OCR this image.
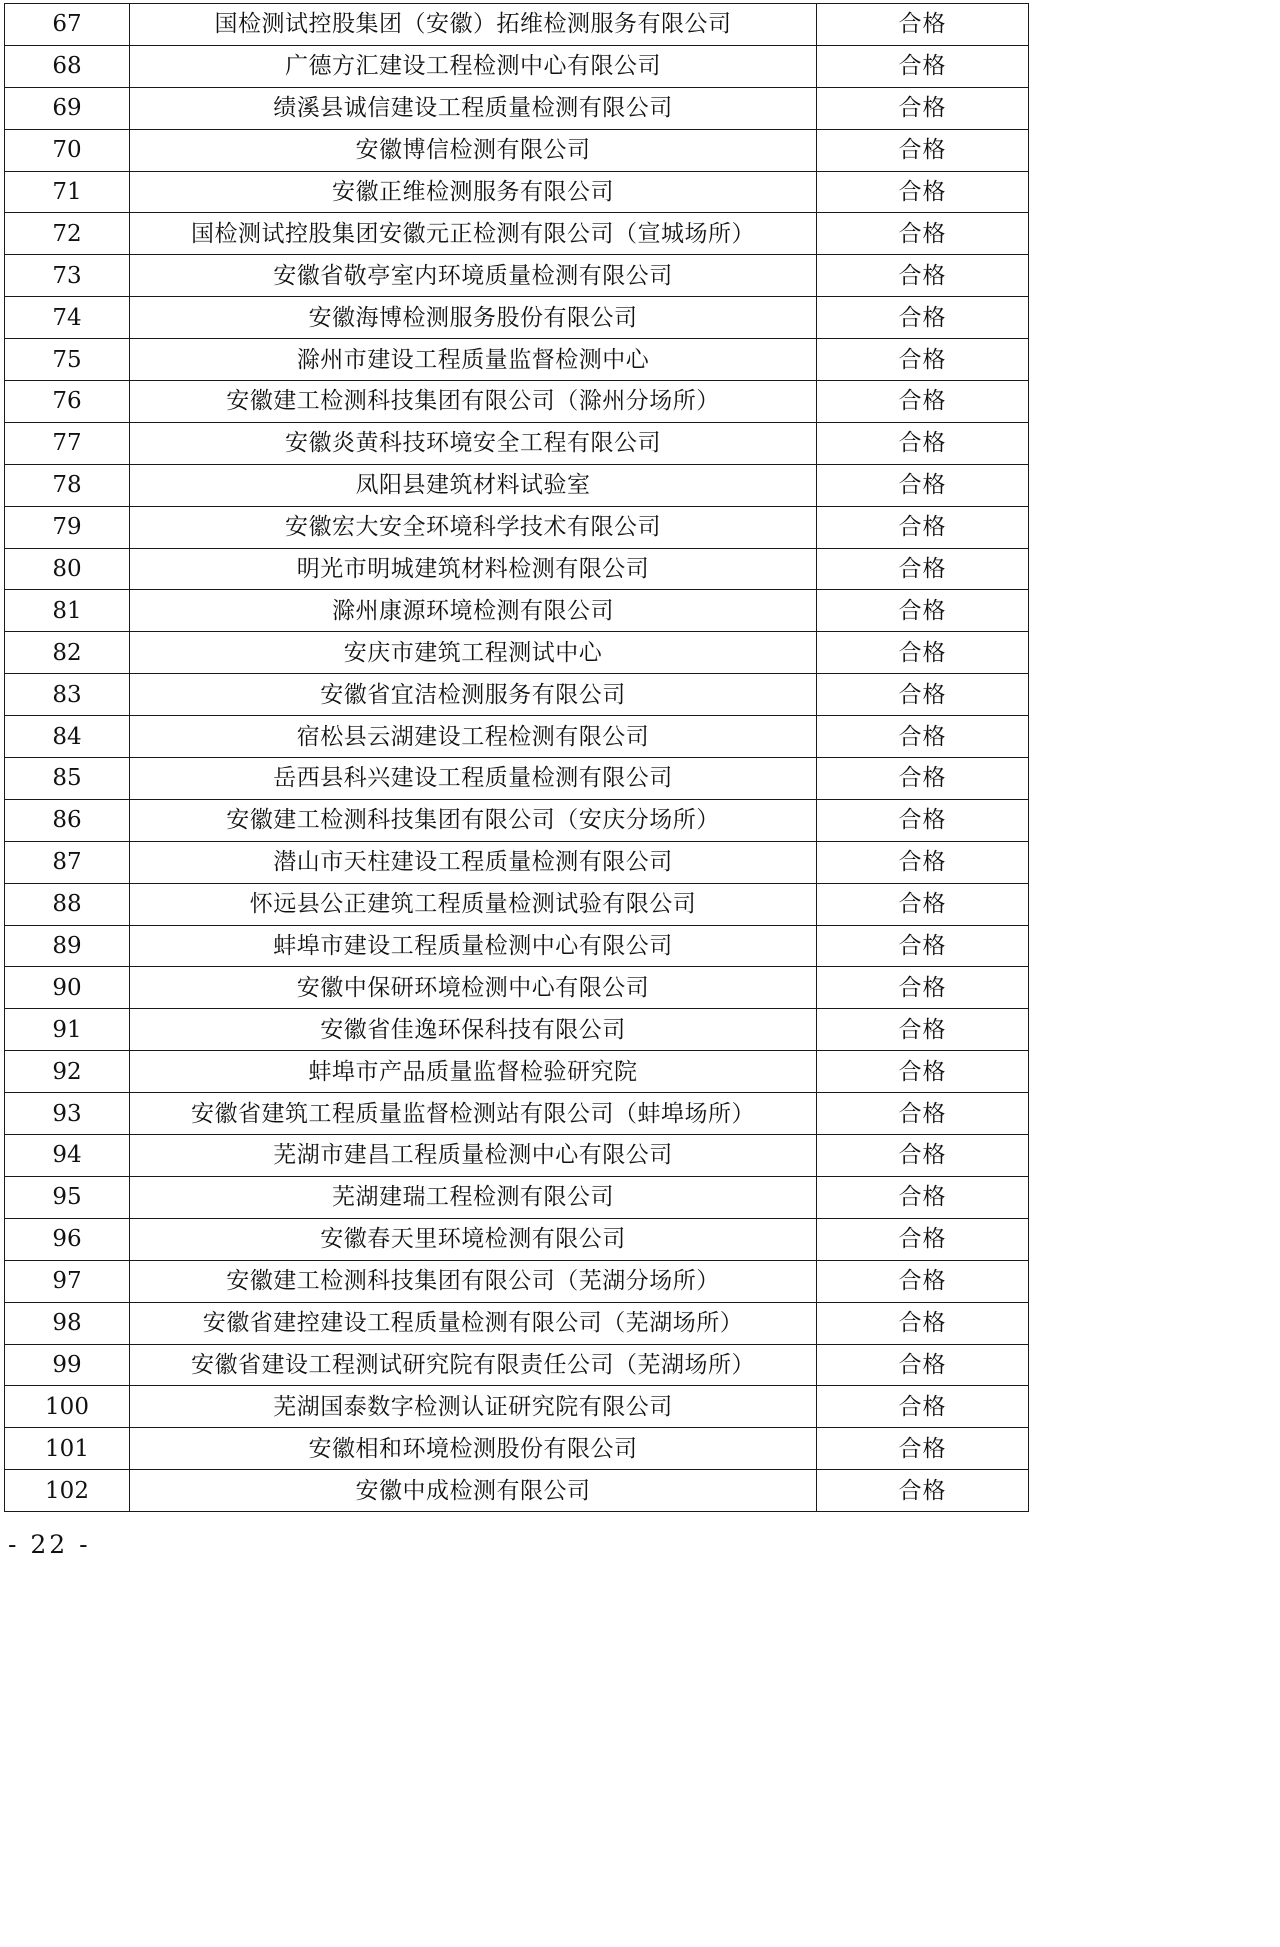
67	国检测试控股集团（安徽）拓维检测服务有限公司	合格
68	广德方汇建设工程检测中心有限公司	合格
69	绩溪县诚信建设工程质量检测有限公司	合格
70	安徽博信检测有限公司	合格
71	安徽正维检测服务有限公司	合格
72	国检测试控股集团安徽元正检测有限公司（宣城场所）	合格
73	安徽省敬亭室内环境质量检测有限公司	合格
74	安徽海博检测服务股份有限公司	合格
75	滁州市建设工程质量监督检测中心	合格
76	安徽建工检测科技集团有限公司（滁州分场所）	合格
77	安徽炎黄科技环境安全工程有限公司	合格
78	凤阳县建筑材料试验室	合格
79	安徽宏大安全环境科学技术有限公司	合格
80	明光市明城建筑材料检测有限公司	合格
81	滁州康源环境检测有限公司	合格
82	安庆市建筑工程测试中心	合格
83	安徽省宜洁检测服务有限公司	合格
84	宿松县云湖建设工程检测有限公司	合格
85	岳西县科兴建设工程质量检测有限公司	合格
86	安徽建工检测科技集团有限公司（安庆分场所）	合格
87	潜山市天柱建设工程质量检测有限公司	合格
88	怀远县公正建筑工程质量检测试验有限公司	合格
89	蚌埠市建设工程质量检测中心有限公司	合格
90	安徽中保研环境检测中心有限公司	合格
91	安徽省佳逸环保科技有限公司	合格
92	蚌埠市产品质量监督检验研究院	合格
93	安徽省建筑工程质量监督检测站有限公司（蚌埠场所）	合格
94	芜湖市建昌工程质量检测中心有限公司	合格
95	芜湖建瑞工程检测有限公司	合格
96	安徽春天里环境检测有限公司	合格
97	安徽建工检测科技集团有限公司（芜湖分场所）	合格
98	安徽省建控建设工程质量检测有限公司（芜湖场所）	合格
99	安徽省建设工程测试研究院有限责任公司（芜湖场所）	合格
100	芜湖国泰数字检测认证研究院有限公司	合格
101	安徽相和环境检测股份有限公司	合格
102	安徽中成检测有限公司	合格
- 22 -
